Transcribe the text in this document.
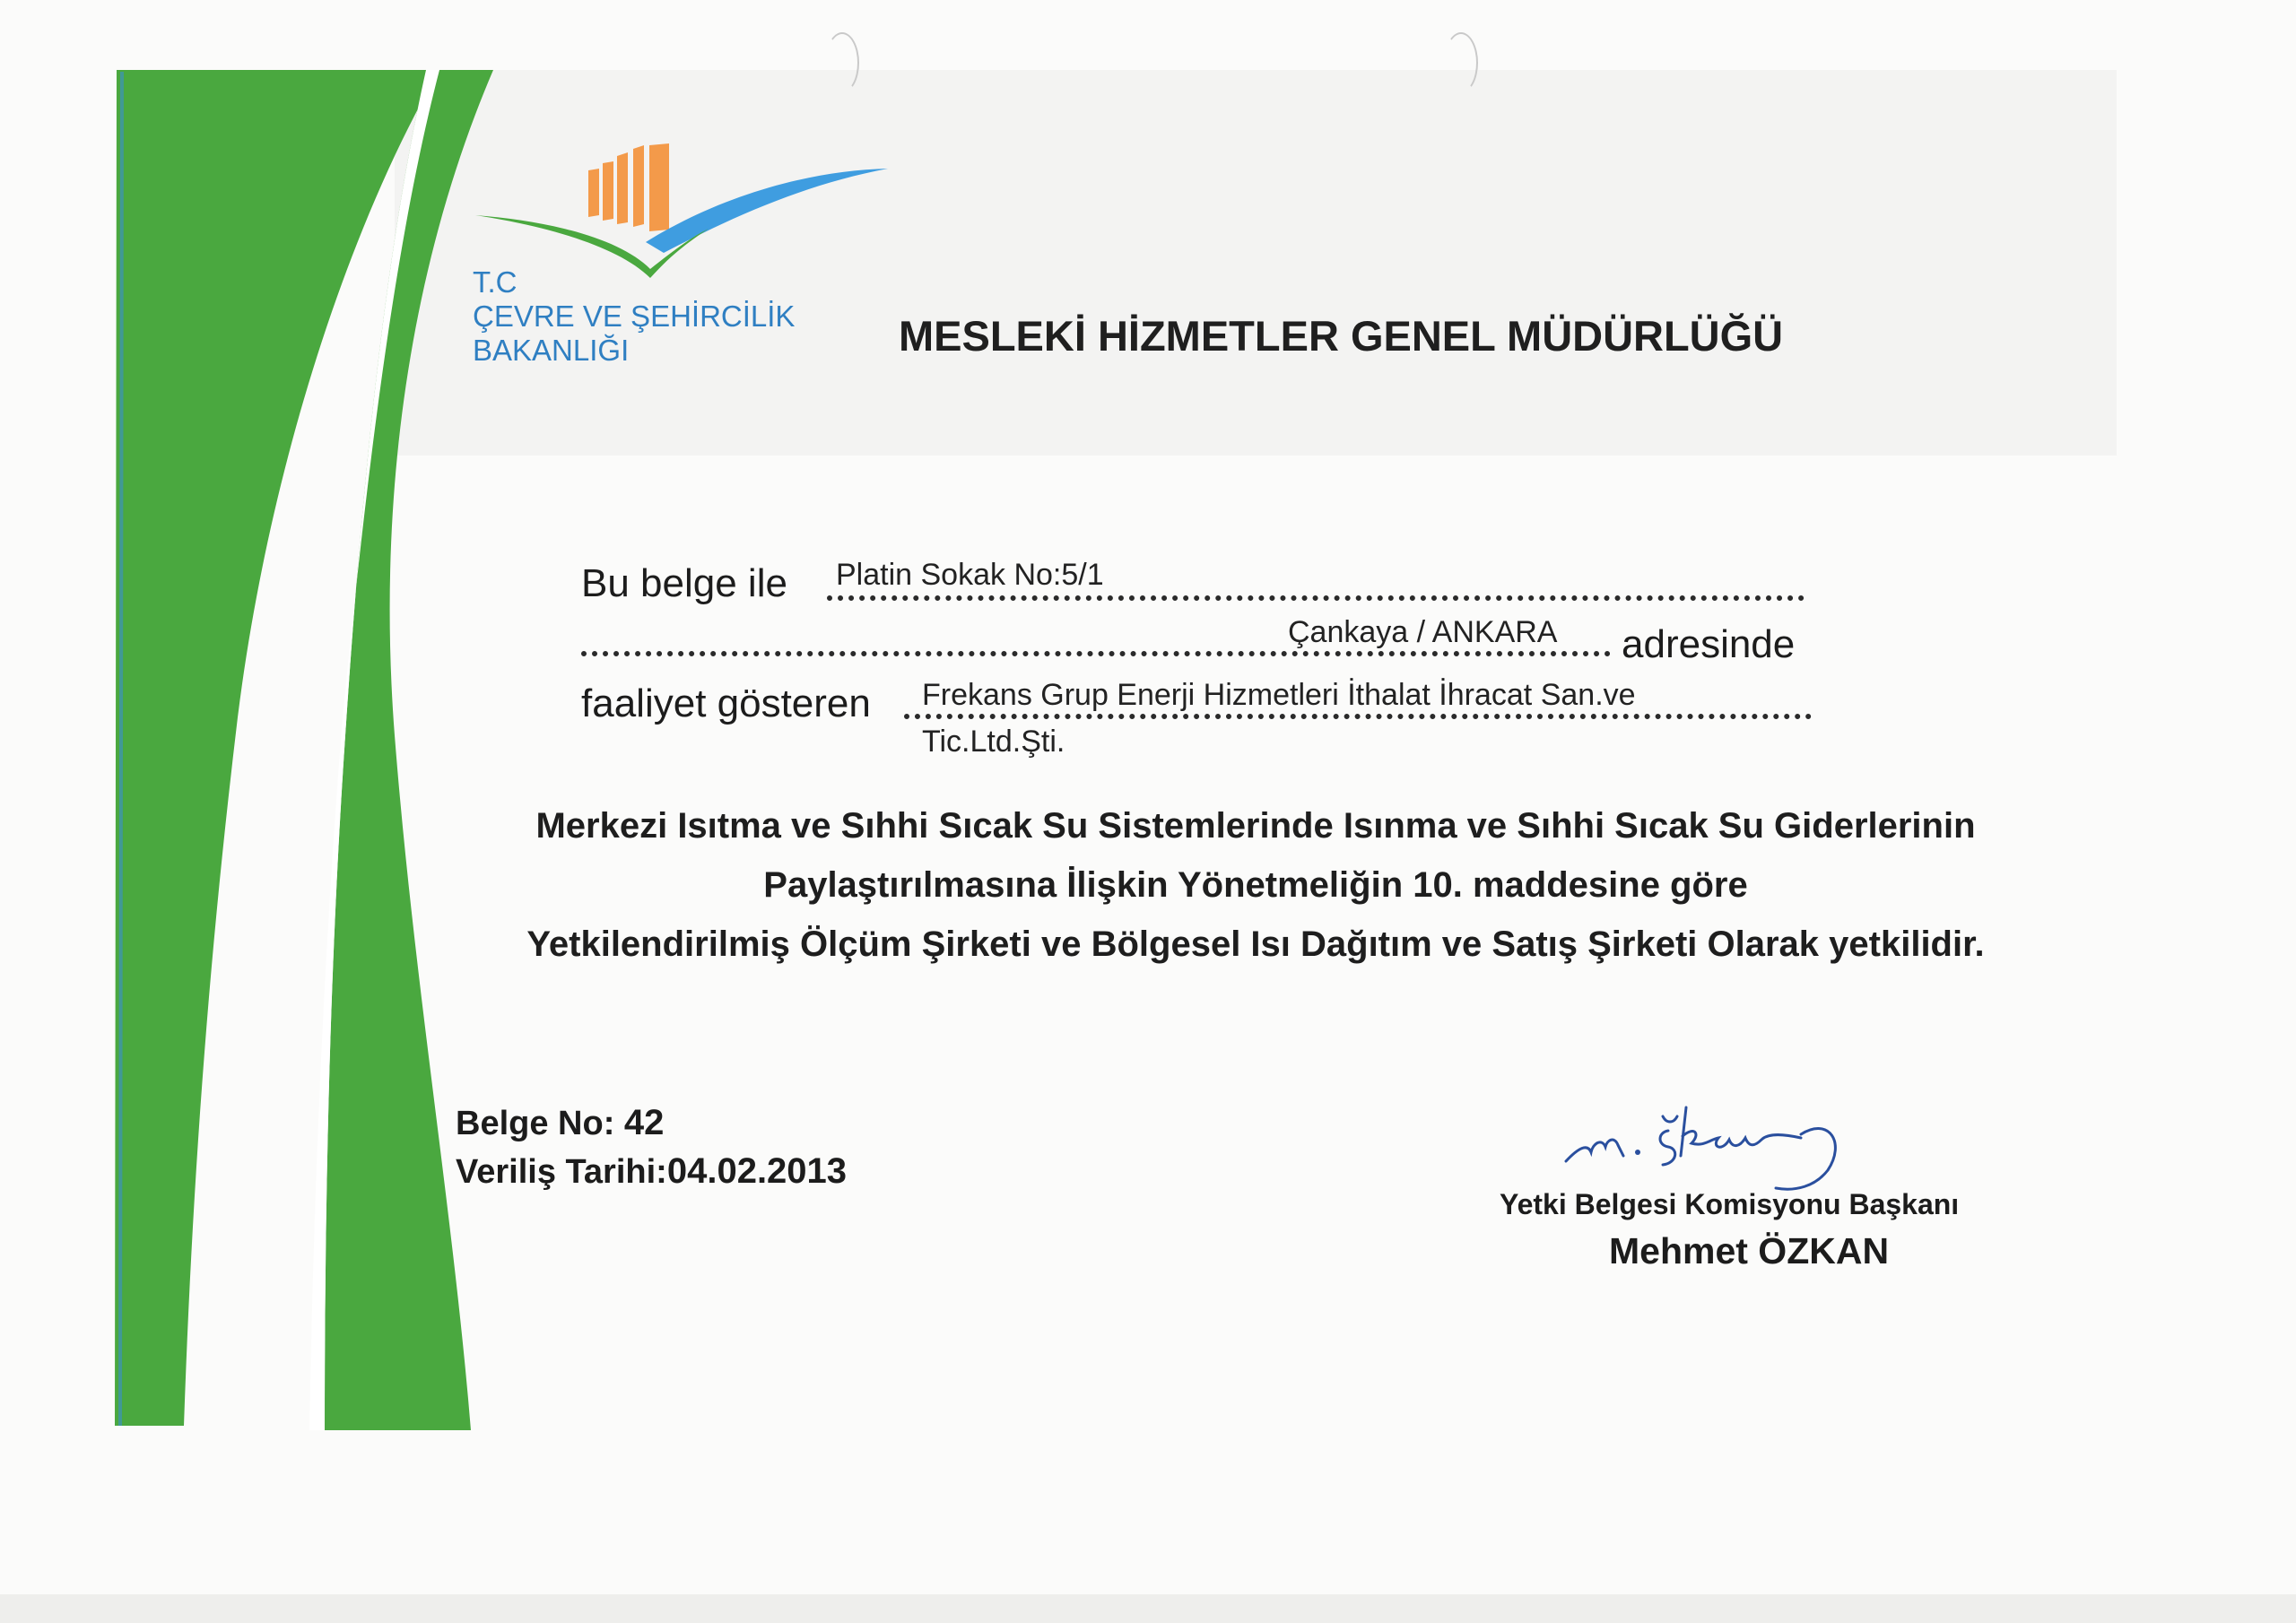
T.C
ÇEVRE VE ŞEHİRCİLİK
BAKANLIĞI	MESLEKİ HİZMETLER GENEL MÜDÜRLÜĞÜ
Bu belge ile Platin Sokak No:5/1
Çankaya / ANKARA adresinde
faaliyet gösteren Frekans Grup Enerji Hizmetleri İthalat İhracat San.ve
Tic.Ltd.Şti.
Merkezi Isıtma ve Sıhhi Sıcak Su Sistemlerinde Isınma ve Sıhhi Sıcak Su Giderlerinin
Paylaştırılmasına İlişkin Yönetmeliğin 10. maddesine göre
Yetkilendirilmiş Ölçüm Şirketi ve Bölgesel Isı Dağıtım ve Satış Şirketi Olarak yetkilidir.
Belge No: 42
Veriliş Tarihi:04.02.2013
Yetki Belgesi Komisyonu Başkanı
Mehmet ÖZKAN
